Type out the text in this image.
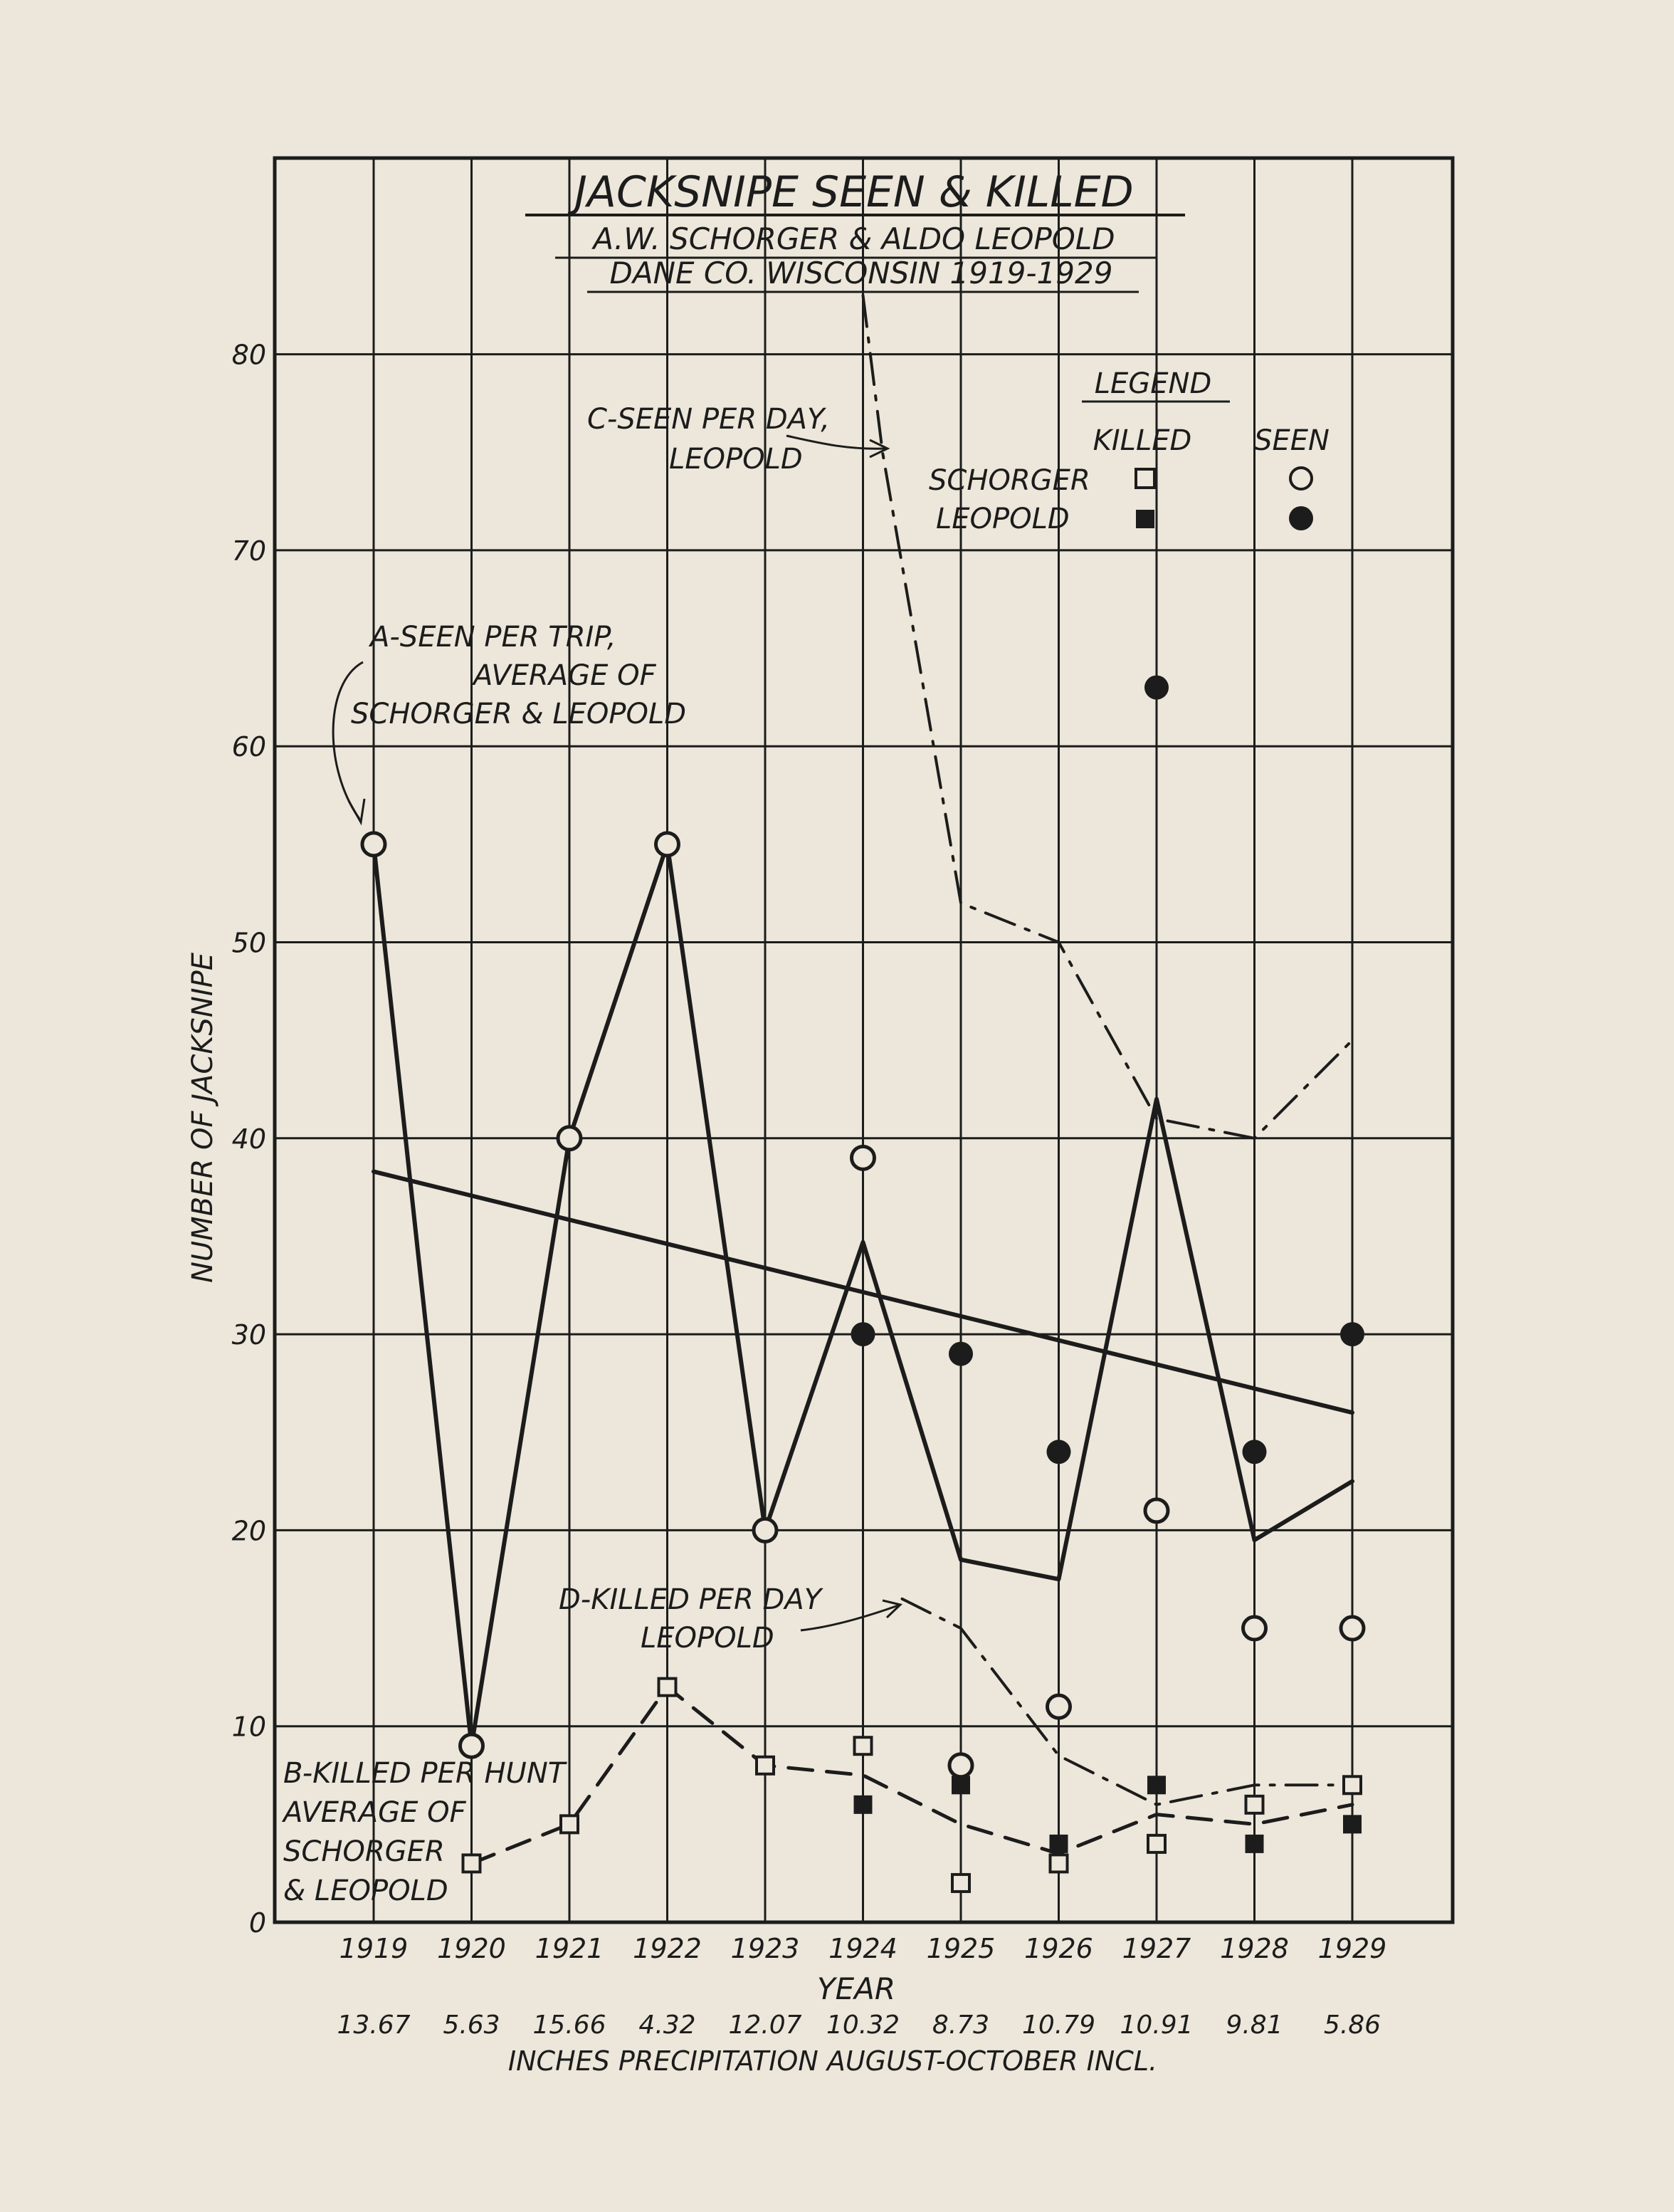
JACKSNIPE SEEN & KILLED
A.W. SCHORGER & ALDO LEOPOLD
DANE CO. WISCONSIN 1919-1929
LEGEND
KILLED SEEN
SCHORGER
LEOPOLD
NUMBER OF JACKSNIPE
YEAR
INCHES PRECIPITATION AUGUST-OCTOBER INCL.
A-SEEN PER TRIP,
AVERAGE OF
SCHORGER & LEOPOLD
B-KILLED PER HUNT
AVERAGE OF
SCHORGER
& LEOPOLD
C-SEEN PER DAY,
LEOPOLD
D-KILLED PER DAY
LEOPOLD
0
10
20
30
40
50
60
70
80
1919 1920 1921 1922 1923 1924 1925 1926 1927 1928 1929
13.67 5.63 15.66 4.32 12.07 10.32 8.73 10.79 10.91 9.81 5.86
